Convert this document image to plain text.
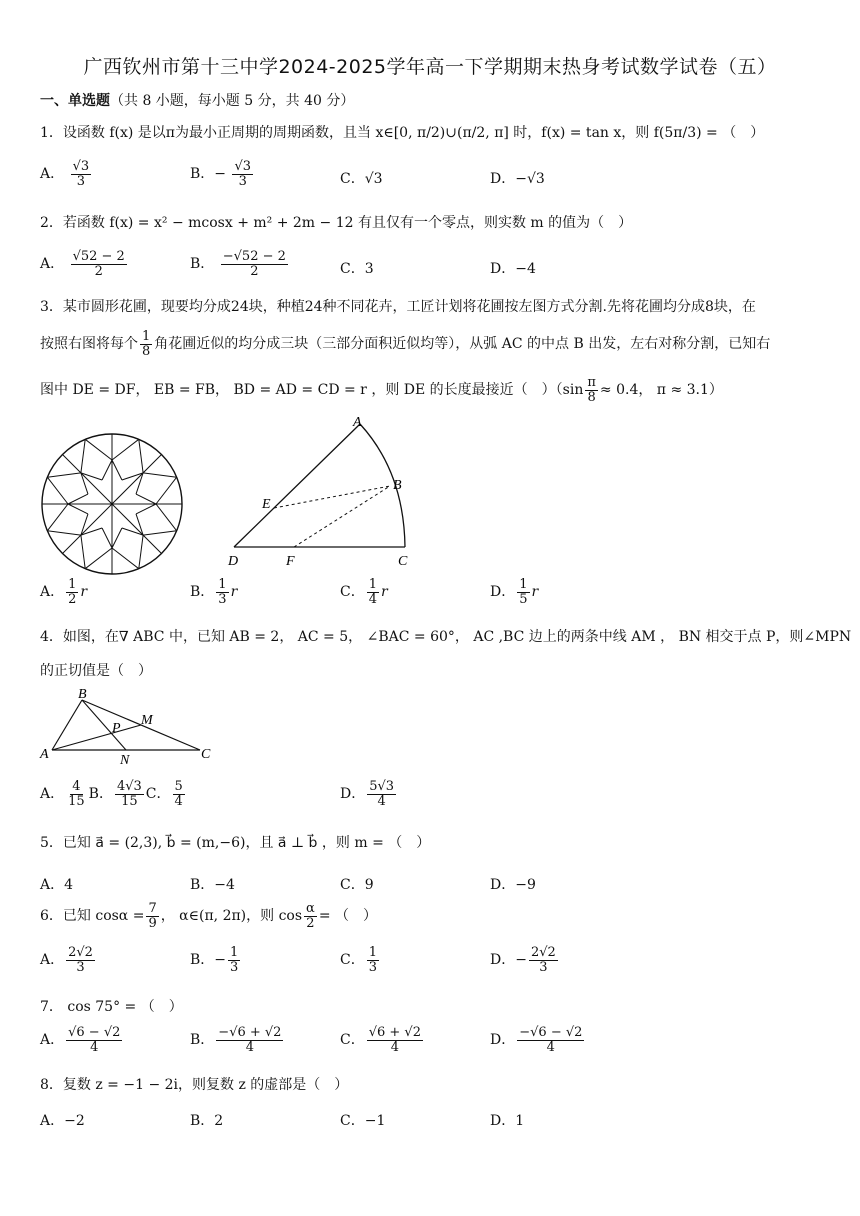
广西钦州市第十三中学2024-2025学年高一下学期期末热身考试数学试卷（五）
一、单选题（共 8 小题，每小题 5 分，共 40 分）
1．设函数 f(x) 是以π为最小正周期的周期函数，且当 x∈[0, π/2)∪(π/2, π] 时，f(x) = tan x，则 f(5π/3) = （　）
A． $\frac{√3}{3}$	B．− $\frac{√3}{3}$	C．√3	D．−√3
2．若函数 f(x) = x² − mcosx + m² + 2m − 12 有且仅有一个零点，则实数 m 的值为（　）
A． $\frac{√52 - 2}{2}$	B． $\frac{-√52 - 2}{2}$	C．3	D．−4
3．某市圆形花圃，现要均分成24块，种植24种不同花卉，工匠计划将花圃按左图方式分割.先将花圃均分成8块，在
按照右图将每个 $\frac{1}{8}$ 角花圃近似的均分成三块（三部分面积近似均等），从弧 AC 的中点 B 出发，左右对称分割，已知右
图中 DE = DF， EB = FB， BD = AD = CD = r ，则 DE 的长度最接近（　）（$\sin \frac{\pi}{8} \approx 0.4$， π ≈ 3.1）
A
B
C
D
E
F
A． $\frac{1}{2}$ r	B． $\frac{1}{3}$ r	C． $\frac{1}{4}$ r	D． $\frac{1}{5}$ r
4．如图，在∇ ABC 中，已知 AB = 2， AC = 5， ∠BAC = 60°， AC ,BC 边上的两条中线 AM ， BN 相交于点 P，则∠MPN
的正切值是（　）
B
A	C
M
N
P
A． $\frac{4}{15}$ B． $\frac{4√3}{15}$ C． $\frac{5}{4}$	D． $\frac{5√3}{4}$
5．已知 a⃗ = (2,3), b⃗ = (m,−6)，且 a⃗ ⊥ b⃗ ，则 m = （　）
A．4	B．−4	C．9	D．−9
6．已知 $\cos\alpha = \frac{7}{9}$ ， α∈(π, 2π)，则 $\cos \frac{\alpha}{2}$ = （　）
A． $\frac{2√2}{3}$	B．− $\frac{1}{3}$	C． $\frac{1}{3}$	D．− $\frac{2√2}{3}$
7． cos 75° = （　）
A． $\frac{√6 - √2}{4}$	B． $\frac{-√6 + √2}{4}$	C． $\frac{√6 + √2}{4}$	D． $\frac{-√6 - √2}{4}$
8．复数 z = −1 − 2i，则复数 z 的虚部是（　）
A．−2	B．2	C．−1	D．1
